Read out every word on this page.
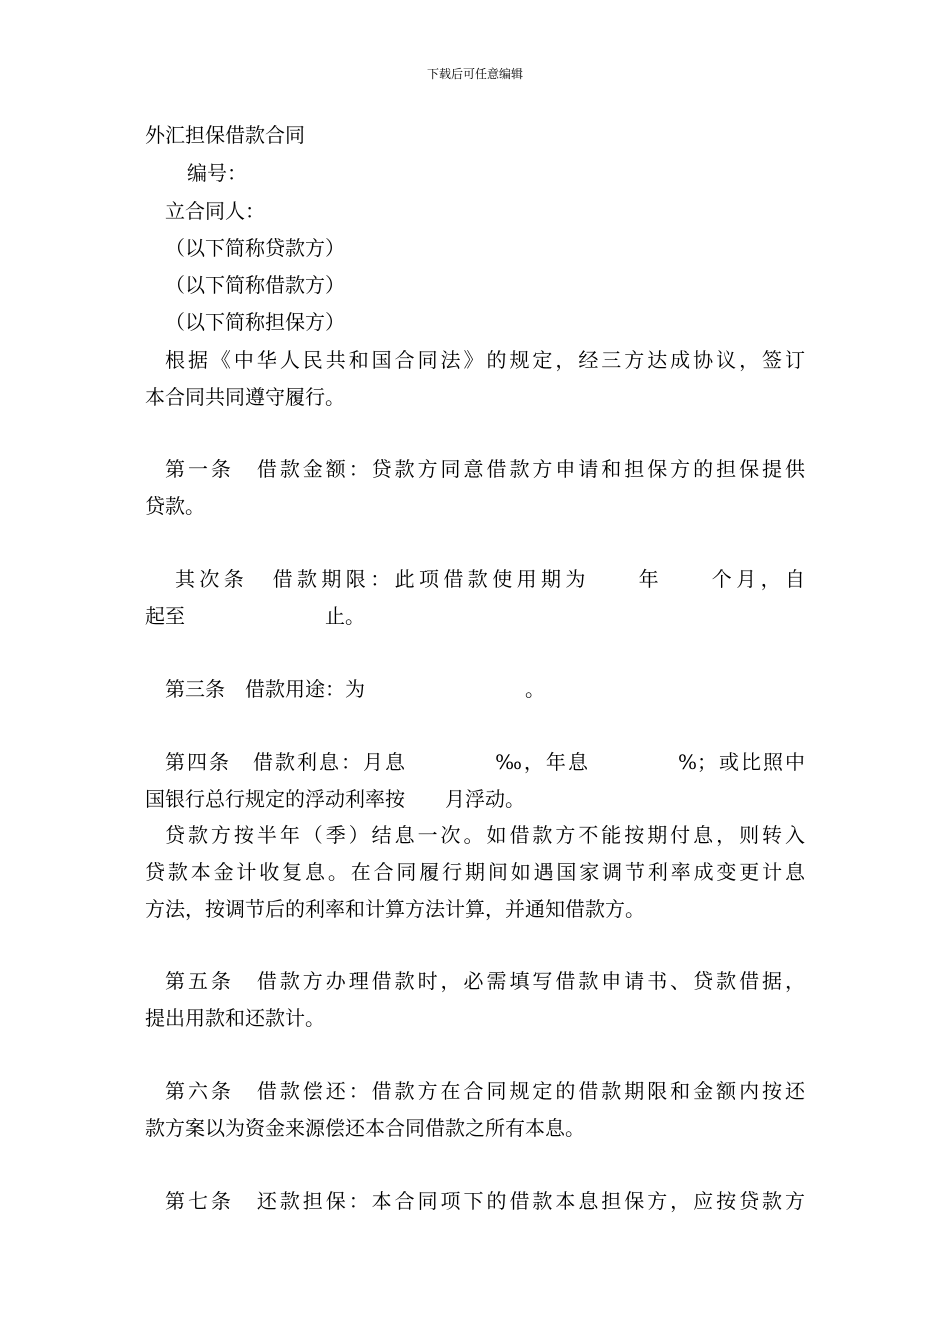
下载后可任意编辑
外汇担保借款合同
编号：
立合同人：
（以下简称贷款方）
（以下简称借款方）
（以下简称担保方）
根据《中华人民共和国合同法》的规定，经三方达成协议，签订
本合同共同遵守履行。
第一条　借款金额：贷款方同意借款方申请和担保方的担保提供
贷款。
其次条　借款期限：此项借款使用期为　　年　　个月，自
起至　　　　　　　止。
第三条　借款用途：为　　　　　　　　。
第四条　借款利息：月息　　　　‰，年息　　　　%；或比照中
国银行总行规定的浮动利率按　　月浮动。
贷款方按半年（季）结息一次。如借款方不能按期付息，则转入
贷款本金计收复息。在合同履行期间如遇国家调节利率成变更计息
方法，按调节后的利率和计算方法计算，并通知借款方。
第五条　借款方办理借款时，必需填写借款申请书、贷款借据，
提出用款和还款计。
第六条　借款偿还：借款方在合同规定的借款期限和金额内按还
款方案以为资金来源偿还本合同借款之所有本息。
第七条　还款担保：本合同项下的借款本息担保方，应按贷款方
